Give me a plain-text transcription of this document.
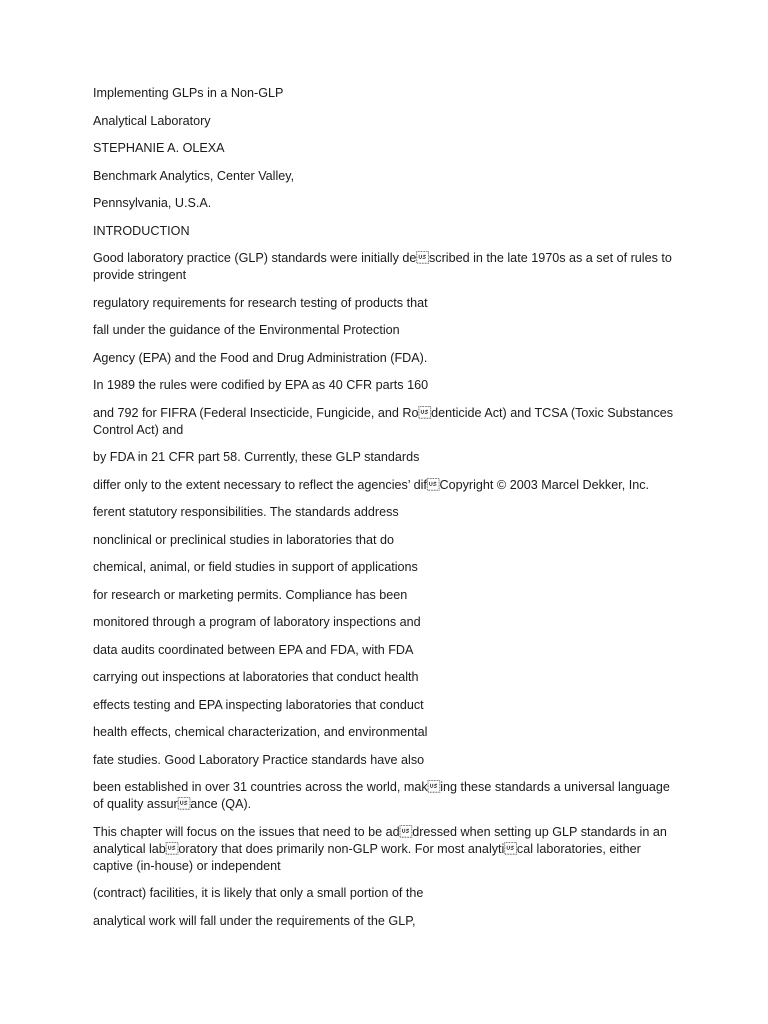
Implementing GLPs in a Non-GLP

Analytical Laboratory

STEPHANIE A. OLEXA

Benchmark Analytics, Center Valley,

Pennsylvania, U.S.A.

INTRODUCTION

Good laboratory practice (GLP) standards were initially described in the late 1970s as a set of rules to provide stringent

regulatory requirements for research testing of products that

fall under the guidance of the Environmental Protection

Agency (EPA) and the Food and Drug Administration (FDA).

In 1989 the rules were codified by EPA as 40 CFR parts 160

and 792 for FIFRA (Federal Insecticide, Fungicide, and Rodenticide Act) and TCSA (Toxic Substances Control Act) and

by FDA in 21 CFR part 58. Currently, these GLP standards

differ only to the extent necessary to reflect the agencies’ difCopyright © 2003 Marcel Dekker, Inc.

ferent statutory responsibilities. The standards address

nonclinical or preclinical studies in laboratories that do

chemical, animal, or field studies in support of applications

for research or marketing permits. Compliance has been

monitored through a program of laboratory inspections and

data audits coordinated between EPA and FDA, with FDA

carrying out inspections at laboratories that conduct health

effects testing and EPA inspecting laboratories that conduct

health effects, chemical characterization, and environmental

fate studies. Good Laboratory Practice standards have also

been established in over 31 countries across the world, making these standards a universal language of quality assurance (QA).

This chapter will focus on the issues that need to be addressed when setting up GLP standards in an analytical laboratory that does primarily non-GLP work. For most analytical laboratories, either captive (in-house) or independent

(contract) facilities, it is likely that only a small portion of the

analytical work will fall under the requirements of the GLP,
